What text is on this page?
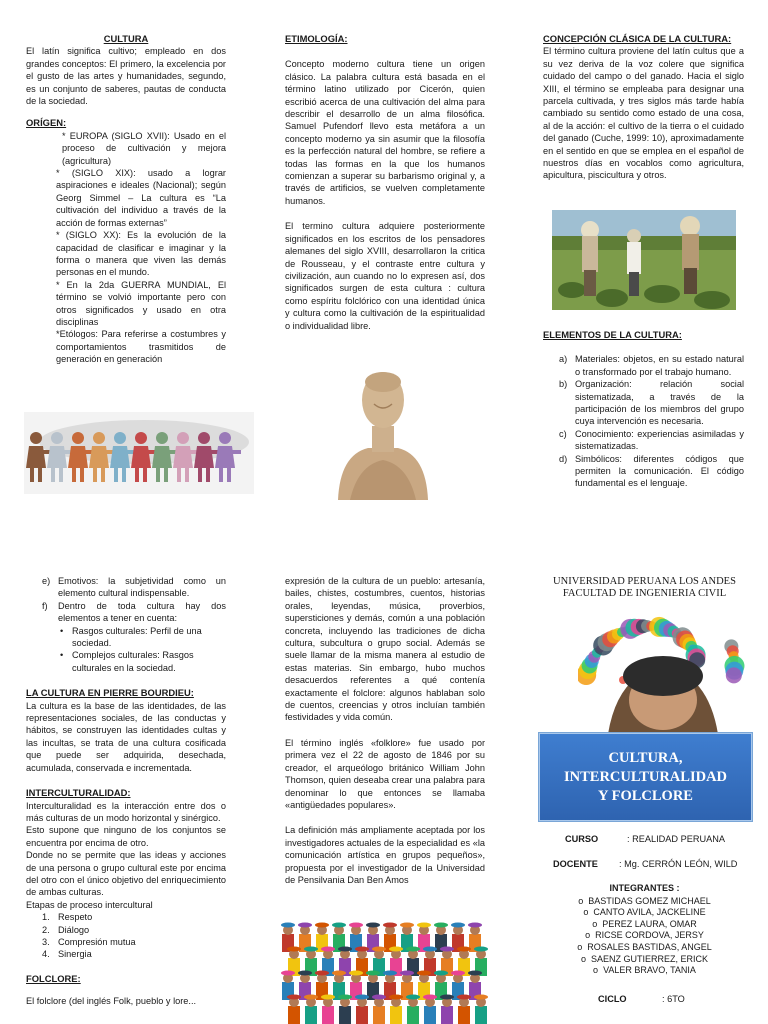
CULTURA

El latín significa cultivo; empleado en dos grandes conceptos: El primero, la excelencia por el gusto de las artes y humanidades, segundo, es un conjunto de saberes, pautas de conducta de la sociedad.

ORÍGEN:

* EUROPA (SIGLO XVII): Usado en el proceso de cultivación y mejora (agricultura)

* (SIGLO XIX): usado a lograr aspiraciones e ideales (Nacional); según Georg Simmel – La cultura es “La cultivación del individuo a través de la acción de formas externas”

* (SIGLO XX): Es la evolución de la capacidad de clasificar e imaginar y la forma o manera que viven las demás personas en el mundo.

* En la 2da GUERRA MUNDIAL, El término se volvió importante pero con otros significados y usado en otra disciplinas

*Etólogos: Para referirse a costumbres y comportamientos trasmitidos de generación en generación

ETIMOLOGÍA:

Concepto moderno cultura tiene un origen clásico. La palabra cultura está basada en el término latino utilizado por Cicerón, quien escribió acerca de una cultivación del alma para describir el desarrollo de un alma filosófica. Samuel Pufendorf llevo esta metáfora a un concepto moderno ya sin asumir que la filosofía es la perfección natural del hombre, se refiere a todas las formas en la que los humanos comienzan a superar su barbarismo original y, a través de artificios, se vuelven completamente humanos.

El termino cultura adquiere posteriormente significados en los escritos de los pensadores alemanes del siglo XVIII, desarrollaron la critica de Rousseau, y el contraste entre cultura y civilización, aun cuando no lo expresen así, dos significados surgen de esta cultura : cultura como espíritu folclórico con una identidad única y cultura como la cultivación de la espiritualidad o individualidad libre.

CONCEPCIÓN CLÁSICA DE LA CULTURA:

El término cultura proviene del latín cultus que a su vez deriva de la voz colere que significa cuidado del campo o del ganado. Hacia el siglo XIII, el término se empleaba para designar una parcela cultivada, y tres siglos más tarde había cambiado su sentido como estado de una cosa, al de la acción: el cultivo de la tierra o el cuidado del ganado (Cuche, 1999: 10), aproximadamente en el sentido en que se emplea en el español de nuestros días en vocablos como agricultura, apicultura, piscicultura y otros.

ELEMENTOS DE LA CULTURA:

a) Materiales: objetos, en su estado natural o transformado por el trabajo humano.

b) Organización: relación social sistematizada, a través de la participación de los miembros del grupo cuya intervención es necesaria.

c) Conocimiento: experiencias asimiladas y sistematizadas.

d) Simbólicos: diferentes códigos que permiten la comunicación. El código fundamental es el lenguaje.

e) Emotivos: la subjetividad como un elemento cultural indispensable.

f) Dentro de toda cultura hay dos elementos a tener en cuenta:

• Rasgos culturales: Perfil de una sociedad.

• Complejos culturales: Rasgos culturales en la sociedad.

LA CULTURA EN PIERRE BOURDIEU:

La cultura es la base de las identidades, de las representaciones sociales, de las conductas y hábitos, se construyen las identidades cultas y las incultas, se trata de una cultura cosificada que puede ser adquirida, desechada, acumulada, conservada e incrementada.

INTERCULTURALIDAD:

Interculturalidad es la interacción entre dos o más culturas de un modo horizontal y sinérgico.

Esto supone que ninguno de los conjuntos se encuentra por encima de otro.

Donde no se permite que las ideas y acciones de una persona o grupo cultural este por encima del otro con el único objetivo del enriquecimiento de ambas culturas.

Etapas de proceso intercultural

1. Respeto

2. Diálogo

3. Compresión mutua

4. Sinergia

FOLCLORE:

El folclore (del inglés Folk, pueblo y lore...

expresión de la cultura de un pueblo: artesanía, bailes, chistes, costumbres, cuentos, historias orales, leyendas, música, proverbios, supersticiones y demás, común a una población concreta, incluyendo las tradiciones de dicha cultura, subcultura o grupo social. Además se suele llamar de la misma manera al estudio de estas materias. Sin embargo, hubo muchos desacuerdos referentes a qué contenía exactamente el folclore: algunos hablaban solo de cuentos, creencias y otros incluían también festividades y vida común.

El término inglés «folklore» fue usado por primera vez el 22 de agosto de 1846 por su creador, el arqueólogo británico William John Thomson, quien deseaba crear una palabra para denominar lo que entonces se llamaba «antigüedades populares».

La definición más ampliamente aceptada por los investigadores actuales de la especialidad es «la comunicación artística en grupos pequeños», propuesta por el investigador de la Universidad de Pensilvania Dan Ben Amos

UNIVERSIDAD PERUANA LOS ANDES
FACULTAD DE INGENIERIA CIVIL
CULTURA,
INTERCULTURALIDAD
Y FOLCLORE
CURSO	: REALIDAD PERUANA
DOCENTE : Mg. CERRÓN LEÓN, WILD
INTEGRANTES :
o  BASTIDAS GOMEZ MICHAEL
o  CANTO AVILA, JACKELINE
o  PEREZ LAURA, OMAR
o  RICSE CORDOVA, JERSY
o  ROSALES BASTIDAS, ANGEL
o  SAENZ GUTIERREZ, ERICK
o  VALER BRAVO, TANIA
CICLO	: 6TO
